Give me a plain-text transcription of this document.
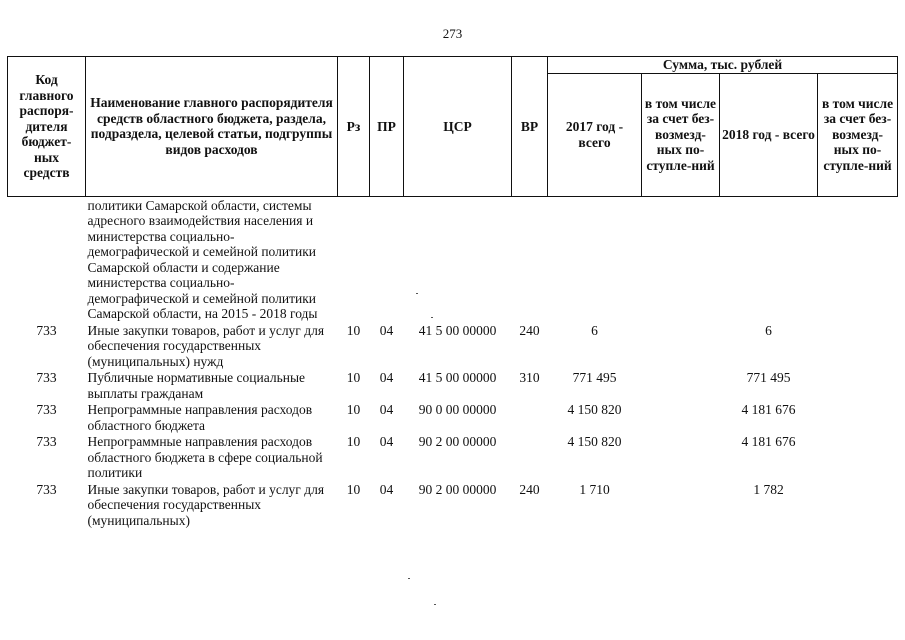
273
Код главного распоря-дителя бюджет-ных средств	Наименование главного распорядителя средств областного бюджета, раздела, подраздела, целевой статьи, подгруппы видов расходов	Рз	ПР	ЦСР	ВР	Сумма, тыс. рублей			
						2017 год - всего	в том числе за счет без-возмезд-ных по-ступле-ний	2018 год - всего	в том числе за счет без-возмезд-ных по-ступле-ний
	политики Самарской области, системы адресного взаимодействия населения и министерства социально-демографической и семейной политики Самарской области и содержание министерства социально-демографической и семейной политики Самарской области, на 2015 - 2018 годы								
733	Иные закупки товаров, работ и услуг для обеспечения государственных (муниципальных) нужд	10	04	41 5 00 00000	240	6		6	
733	Публичные нормативные социальные выплаты гражданам	10	04	41 5 00 00000	310	771 495		771 495	
733	Непрограммные направления расходов областного бюджета	10	04	90 0 00 00000		4 150 820		4 181 676	
733	Непрограммные направления расходов областного бюджета в сфере социальной политики	10	04	90 2 00 00000		4 150 820		4 181 676	
733	Иные закупки товаров, работ и услуг для обеспечения государственных (муниципальных)	10	04	90 2 00 00000	240	1 710		1 782	
